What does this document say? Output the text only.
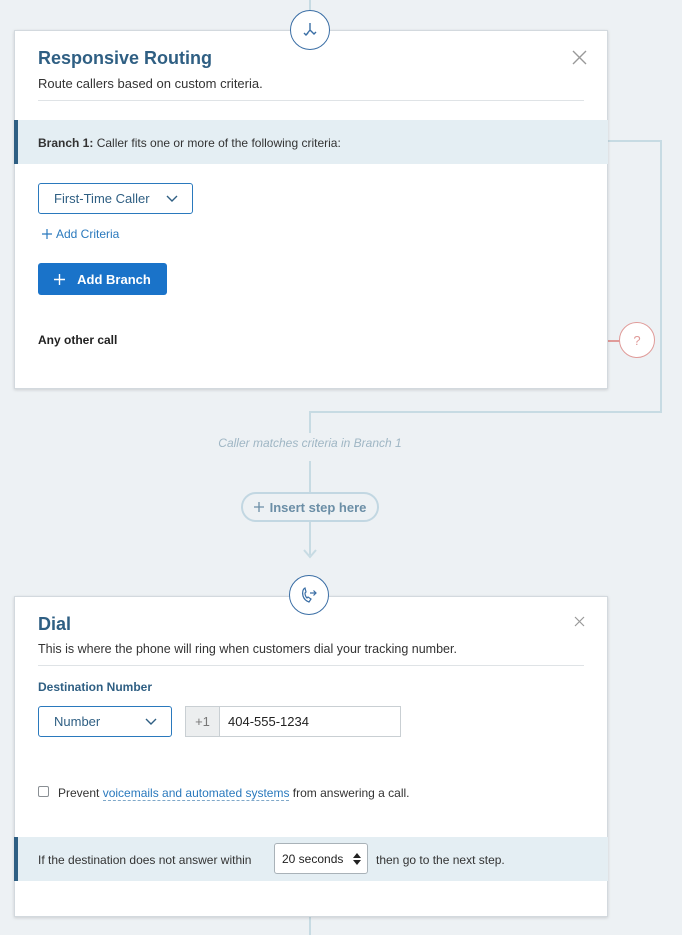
Responsive Routing
Route callers based on custom criteria.
Branch 1: Caller fits one or more of the following criteria:
First-Time Caller
Add Criteria
Add Branch
Any other call	?
Caller matches criteria in Branch 1
Insert step here
Dial
This is where the phone will ring when customers dial your tracking number.
Destination Number
Number	+1
404-555-1234
Prevent voicemails and automated systems from answering a call.
If the destination does not answer within	20 seconds	then go to the next step.
